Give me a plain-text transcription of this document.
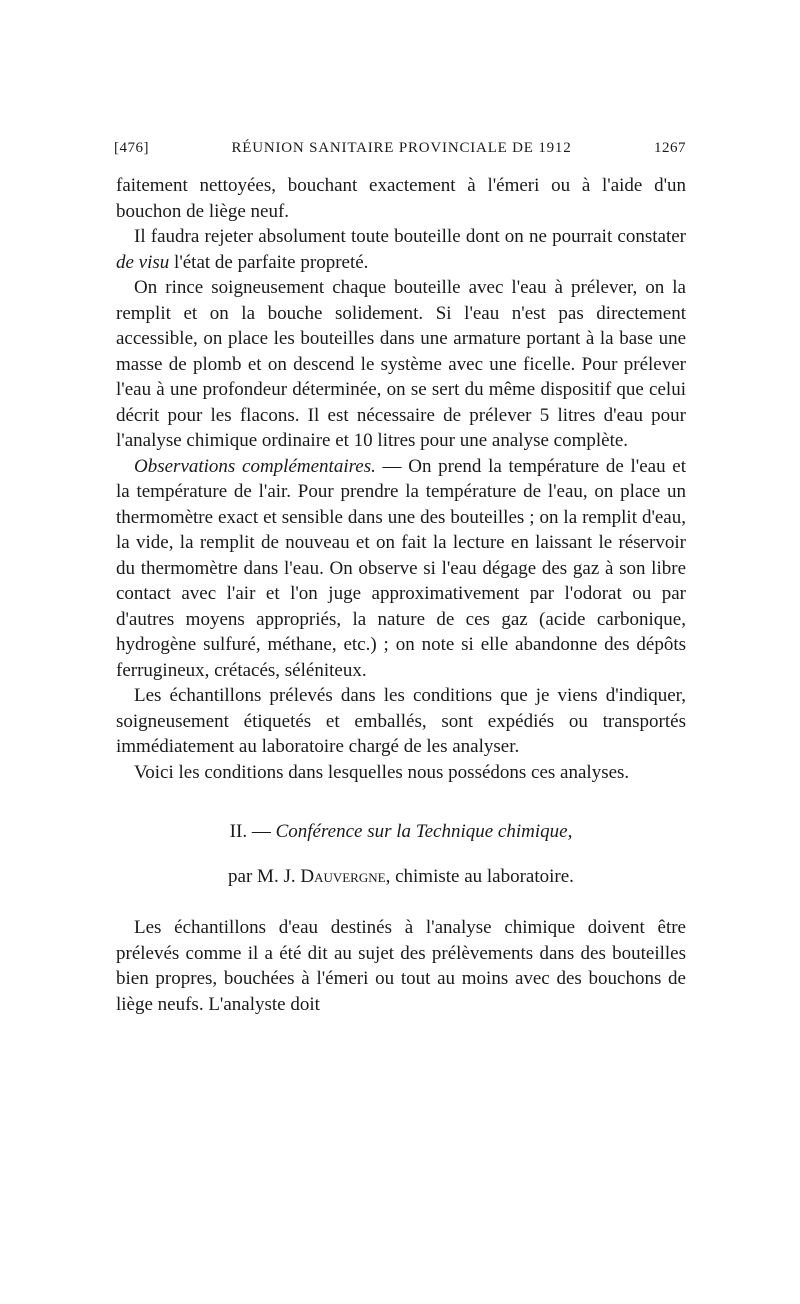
[476]	RÉUNION SANITAIRE PROVINCIALE DE 1912	1267

faitement nettoyées, bouchant exactement à l'émeri ou à l'aide d'un bouchon de liège neuf.

Il faudra rejeter absolument toute bouteille dont on ne pourrait constater de visu l'état de parfaite propreté.

On rince soigneusement chaque bouteille avec l'eau à prélever, on la remplit et on la bouche solidement. Si l'eau n'est pas directement accessible, on place les bouteilles dans une armature portant à la base une masse de plomb et on descend le système avec une ficelle. Pour prélever l'eau à une profondeur déterminée, on se sert du même dispositif que celui décrit pour les flacons. Il est nécessaire de prélever 5 litres d'eau pour l'analyse chimique ordinaire et 10 litres pour une analyse complète.

Observations complémentaires. — On prend la température de l'eau et la température de l'air. Pour prendre la température de l'eau, on place un thermomètre exact et sensible dans une des bouteilles ; on la remplit d'eau, la vide, la remplit de nouveau et on fait la lecture en laissant le réservoir du thermomètre dans l'eau. On observe si l'eau dégage des gaz à son libre contact avec l'air et l'on juge approximativement par l'odorat ou par d'autres moyens appropriés, la nature de ces gaz (acide carbonique, hydrogène sulfuré, méthane, etc.) ; on note si elle abandonne des dépôts ferrugineux, crétacés, séléniteux.

Les échantillons prélevés dans les conditions que je viens d'indiquer, soigneusement étiquetés et emballés, sont expédiés ou transportés immédiatement au laboratoire chargé de les analyser.

Voici les conditions dans lesquelles nous possédons ces analyses.

II. — Conférence sur la Technique chimique,
par M. J. Dauvergne, chimiste au laboratoire.

Les échantillons d'eau destinés à l'analyse chimique doivent être prélevés comme il a été dit au sujet des prélèvements dans des bouteilles bien propres, bouchées à l'émeri ou tout au moins avec des bouchons de liège neufs. L'analyste doit
